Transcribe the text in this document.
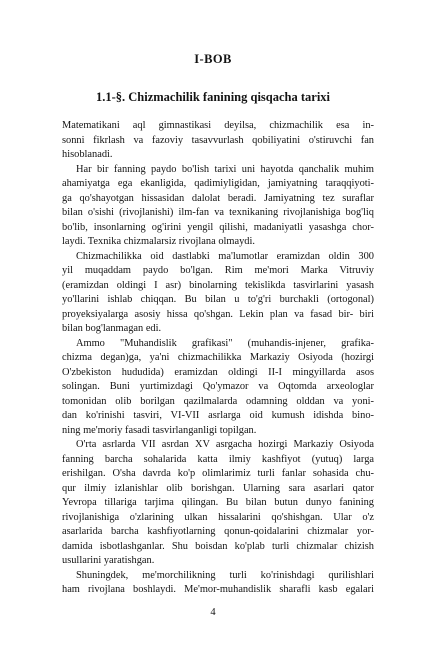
I-BOB
1.1-§. Chizmachilik fanining qisqacha tarixi
Matematikani aql gimnastikasi deyilsa, chizmachilik esa in-
sonni fikrlash va fazoviy tasavvurlash qobiliyatini o'stiruvchi fan
hisoblanadi.
Har bir fanning paydo bo'lish tarixi uni hayotda qanchalik muhim
ahamiyatga ega ekanligida, qadimiyligidan, jamiyatning taraqqiyoti-
ga qo'shayotgan hissasidan dalolat beradi. Jamiyatning tez suraflar
bilan o'sishi (rivojlanishi) ilm-fan va texnikaning rivojlanishiga bog'liq
bo'lib, insonlarning og'irini yengil qilishi, madaniyatli yasashga chor-
laydi. Texnika chizmalarsiz rivojlana olmaydi.
Chizmachilikka oid dastlabki ma'lumotlar eramizdan oldin 300
yil muqaddam paydo bo'lgan. Rim me'mori Marka Vitruviy
(eramizdan oldingi I asr) binolarning tekislikda tasvirlarini yasash
yo'llarini ishlab chiqqan. Bu bilan u to'g'ri burchakli (ortogonal)
proyeksiyalarga asosiy hissa qo'shgan. Lekin plan va fasad bir- biri
bilan bog'lanmagan edi.
Ammo "Muhandislik grafikasi" (muhandis-injener, grafika-
chizma degan)ga, ya'ni chizmachilikka Markaziy Osiyoda (hozirgi
O'zbekiston hududida) eramizdan oldingi II-I mingyillarda asos
solingan. Buni yurtimizdagi Qo'ymazor va Oqtomda arxeologlar
tomonidan olib borilgan qazilmalarda odamning olddan va yoni-
dan ko'rinishi tasviri, VI-VII asrlarga oid kumush idishda bino-
ning me'moriy fasadi tasvirlanganligi topilgan.
O'rta asrlarda VII asrdan XV asrgacha hozirgi Markaziy Osiyoda
fanning barcha sohalarida katta ilmiy kashfiyot (yutuq) larga
erishilgan. O'sha davrda ko'p olimlarimiz turli fanlar sohasida chu-
qur ilmiy izlanishlar olib borishgan. Ularning sara asarlari qator
Yevropa tillariga tarjima qilingan. Bu bilan butun dunyo fanining
rivojlanishiga o'zlarining ulkan hissalarini qo'shishgan. Ular o'z
asarlarida barcha kashfiyotlarning qonun-qoidalarini chizmalar yor-
damida isbotlashganlar. Shu boisdan ko'plab turli chizmalar chizish
usullarini yaratishgan.
Shuningdek, me'morchilikning turli ko'rinishdagi qurilishlari
ham rivojlana boshlaydi. Me'mor-muhandislik sharafli kasb egalari
4
